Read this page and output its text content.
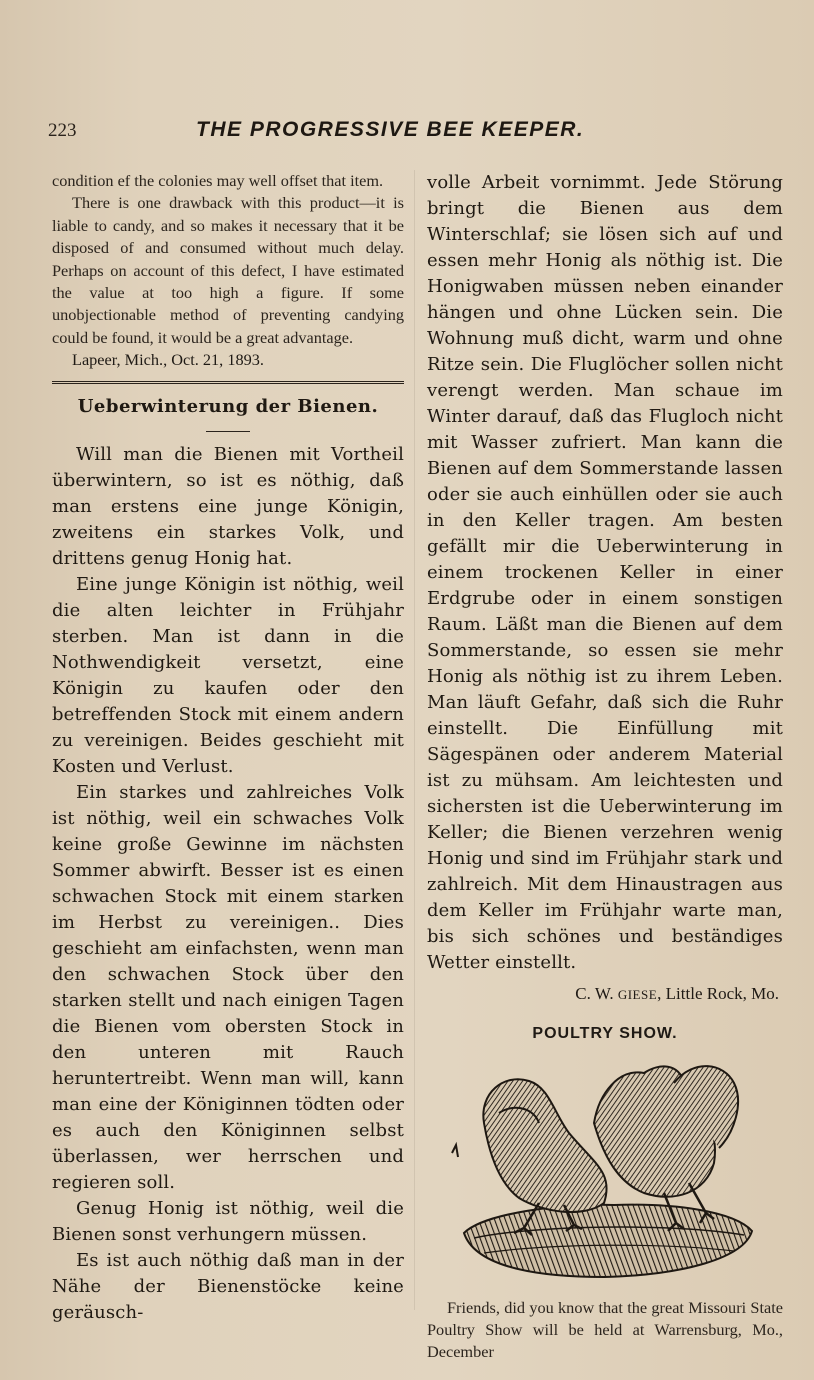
223	THE PROGRESSIVE BEE KEEPER.

condition ef the colonies may well offset that item.

There is one drawback with this product—it is liable to candy, and so makes it necessary that it be disposed of and consumed without much delay. Perhaps on account of this defect, I have estimated the value at too high a figure. If some unobjectionable method of preventing candying could be found, it would be a great advantage.

Lapeer, Mich., Oct. 21, 1893.

Ueberwinterung der Bienen.

Will man die Bienen mit Vortheil überwintern, so ist es nöthig, daß man erstens eine junge Königin, zweitens ein starkes Volk, und drittens genug Honig hat.

Eine junge Königin ist nöthig, weil die alten leichter in Frühjahr sterben. Man ist dann in die Nothwendigkeit versetzt, eine Königin zu kaufen oder den betreffenden Stock mit einem andern zu vereinigen. Beides geschieht mit Kosten und Verlust.

Ein starkes und zahlreiches Volk ist nöthig, weil ein schwaches Volk keine große Gewinne im nächsten Sommer abwirft. Besser ist es einen schwachen Stock mit einem starken im Herbst zu vereinigen.. Dies geschieht am einfachsten, wenn man den schwachen Stock über den starken stellt und nach einigen Tagen die Bienen vom obersten Stock in den unteren mit Rauch heruntertreibt. Wenn man will, kann man eine der Königinnen tödten oder es auch den Königinnen selbst überlassen, wer herrschen und regieren soll.

Genug Honig ist nöthig, weil die Bienen sonst verhungern müssen.

Es ist auch nöthig daß man in der Nähe der Bienenstöcke keine geräusch-

volle Arbeit vornimmt. Jede Störung bringt die Bienen aus dem Winterschlaf; sie lösen sich auf und essen mehr Honig als nöthig ist. Die Honigwaben müssen neben einander hängen und ohne Lücken sein. Die Wohnung muß dicht, warm und ohne Ritze sein. Die Fluglöcher sollen nicht verengt werden. Man schaue im Winter darauf, daß das Flugloch nicht mit Wasser zufriert. Man kann die Bienen auf dem Sommerstande lassen oder sie auch einhüllen oder sie auch in den Keller tragen. Am besten gefällt mir die Ueberwinterung in einem trockenen Keller in einer Erdgrube oder in einem sonstigen Raum. Läßt man die Bienen auf dem Sommerstande, so essen sie mehr Honig als nöthig ist zu ihrem Leben. Man läuft Gefahr, daß sich die Ruhr einstellt. Die Einfüllung mit Sägespänen oder anderem Material ist zu mühsam. Am leichtesten und sichersten ist die Ueberwinterung im Keller; die Bienen verzehren wenig Honig und sind im Frühjahr stark und zahlreich. Mit dem Hinaustragen aus dem Keller im Frühjahr warte man, bis sich schönes und beständiges Wetter einstellt.

C. W. GIESE, Little Rock, Mo.

POULTRY SHOW.

Friends, did you know that the great Missouri State Poultry Show will be held at Warrensburg, Mo., December
